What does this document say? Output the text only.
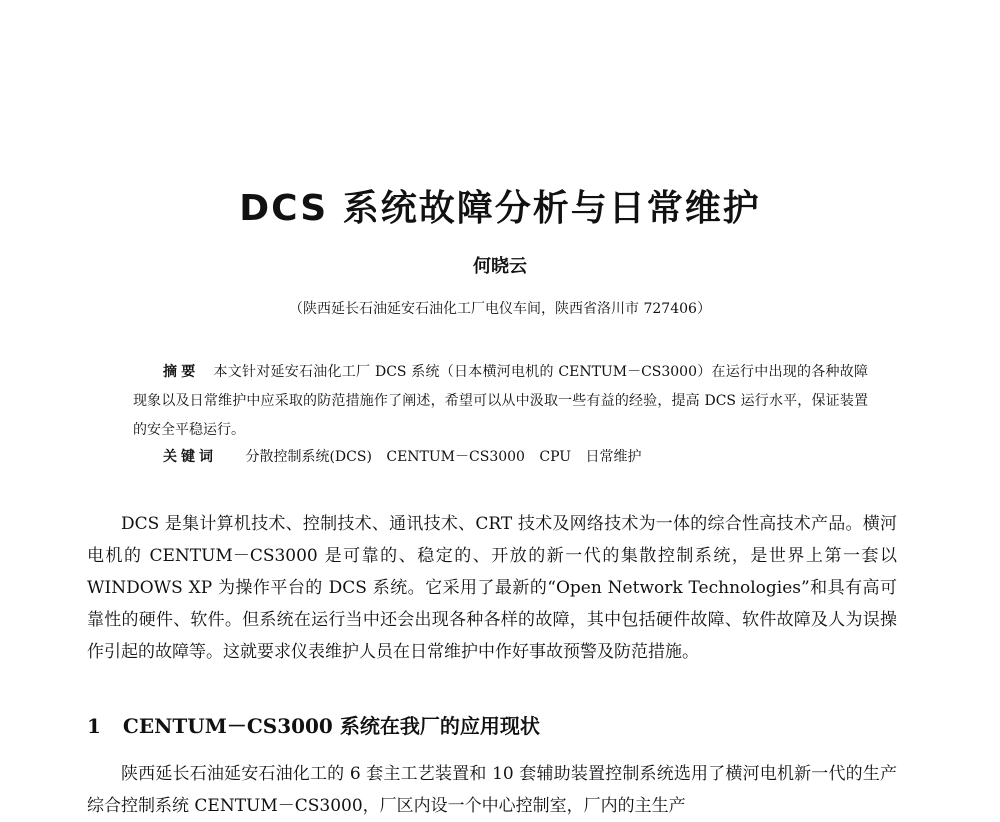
DCS 系统故障分析与日常维护
何晓云
（陕西延长石油延安石油化工厂电仪车间，陕西省洛川市 727406）
摘要 本文针对延安石油化工厂 DCS 系统（日本横河电机的 CENTUM－CS3000）在运行中出现的各种故障现象以及日常维护中应采取的防范措施作了阐述，希望可以从中汲取一些有益的经验，提高 DCS 运行水平，保证装置的安全平稳运行。
关键词 分散控制系统(DCS) CENTUM－CS3000 CPU 日常维护

DCS 是集计算机技术、控制技术、通讯技术、CRT 技术及网络技术为一体的综合性高技术产品。横河电机的 CENTUM－CS3000 是可靠的、稳定的、开放的新一代的集散控制系统，是世界上第一套以 WINDOWS XP 为操作平台的 DCS 系统。它采用了最新的“Open Network Technologies”和具有高可靠性的硬件、软件。但系统在运行当中还会出现各种各样的故障，其中包括硬件故障、软件故障及人为误操作引起的故障等。这就要求仪表维护人员在日常维护中作好事故预警及防范措施。

1 CENTUM－CS3000 系统在我厂的应用现状

陕西延长石油延安石油化工的 6 套主工艺装置和 10 套辅助装置控制系统选用了横河电机新一代的生产综合控制系统 CENTUM－CS3000，厂区内设一个中心控制室，厂内的主生产
